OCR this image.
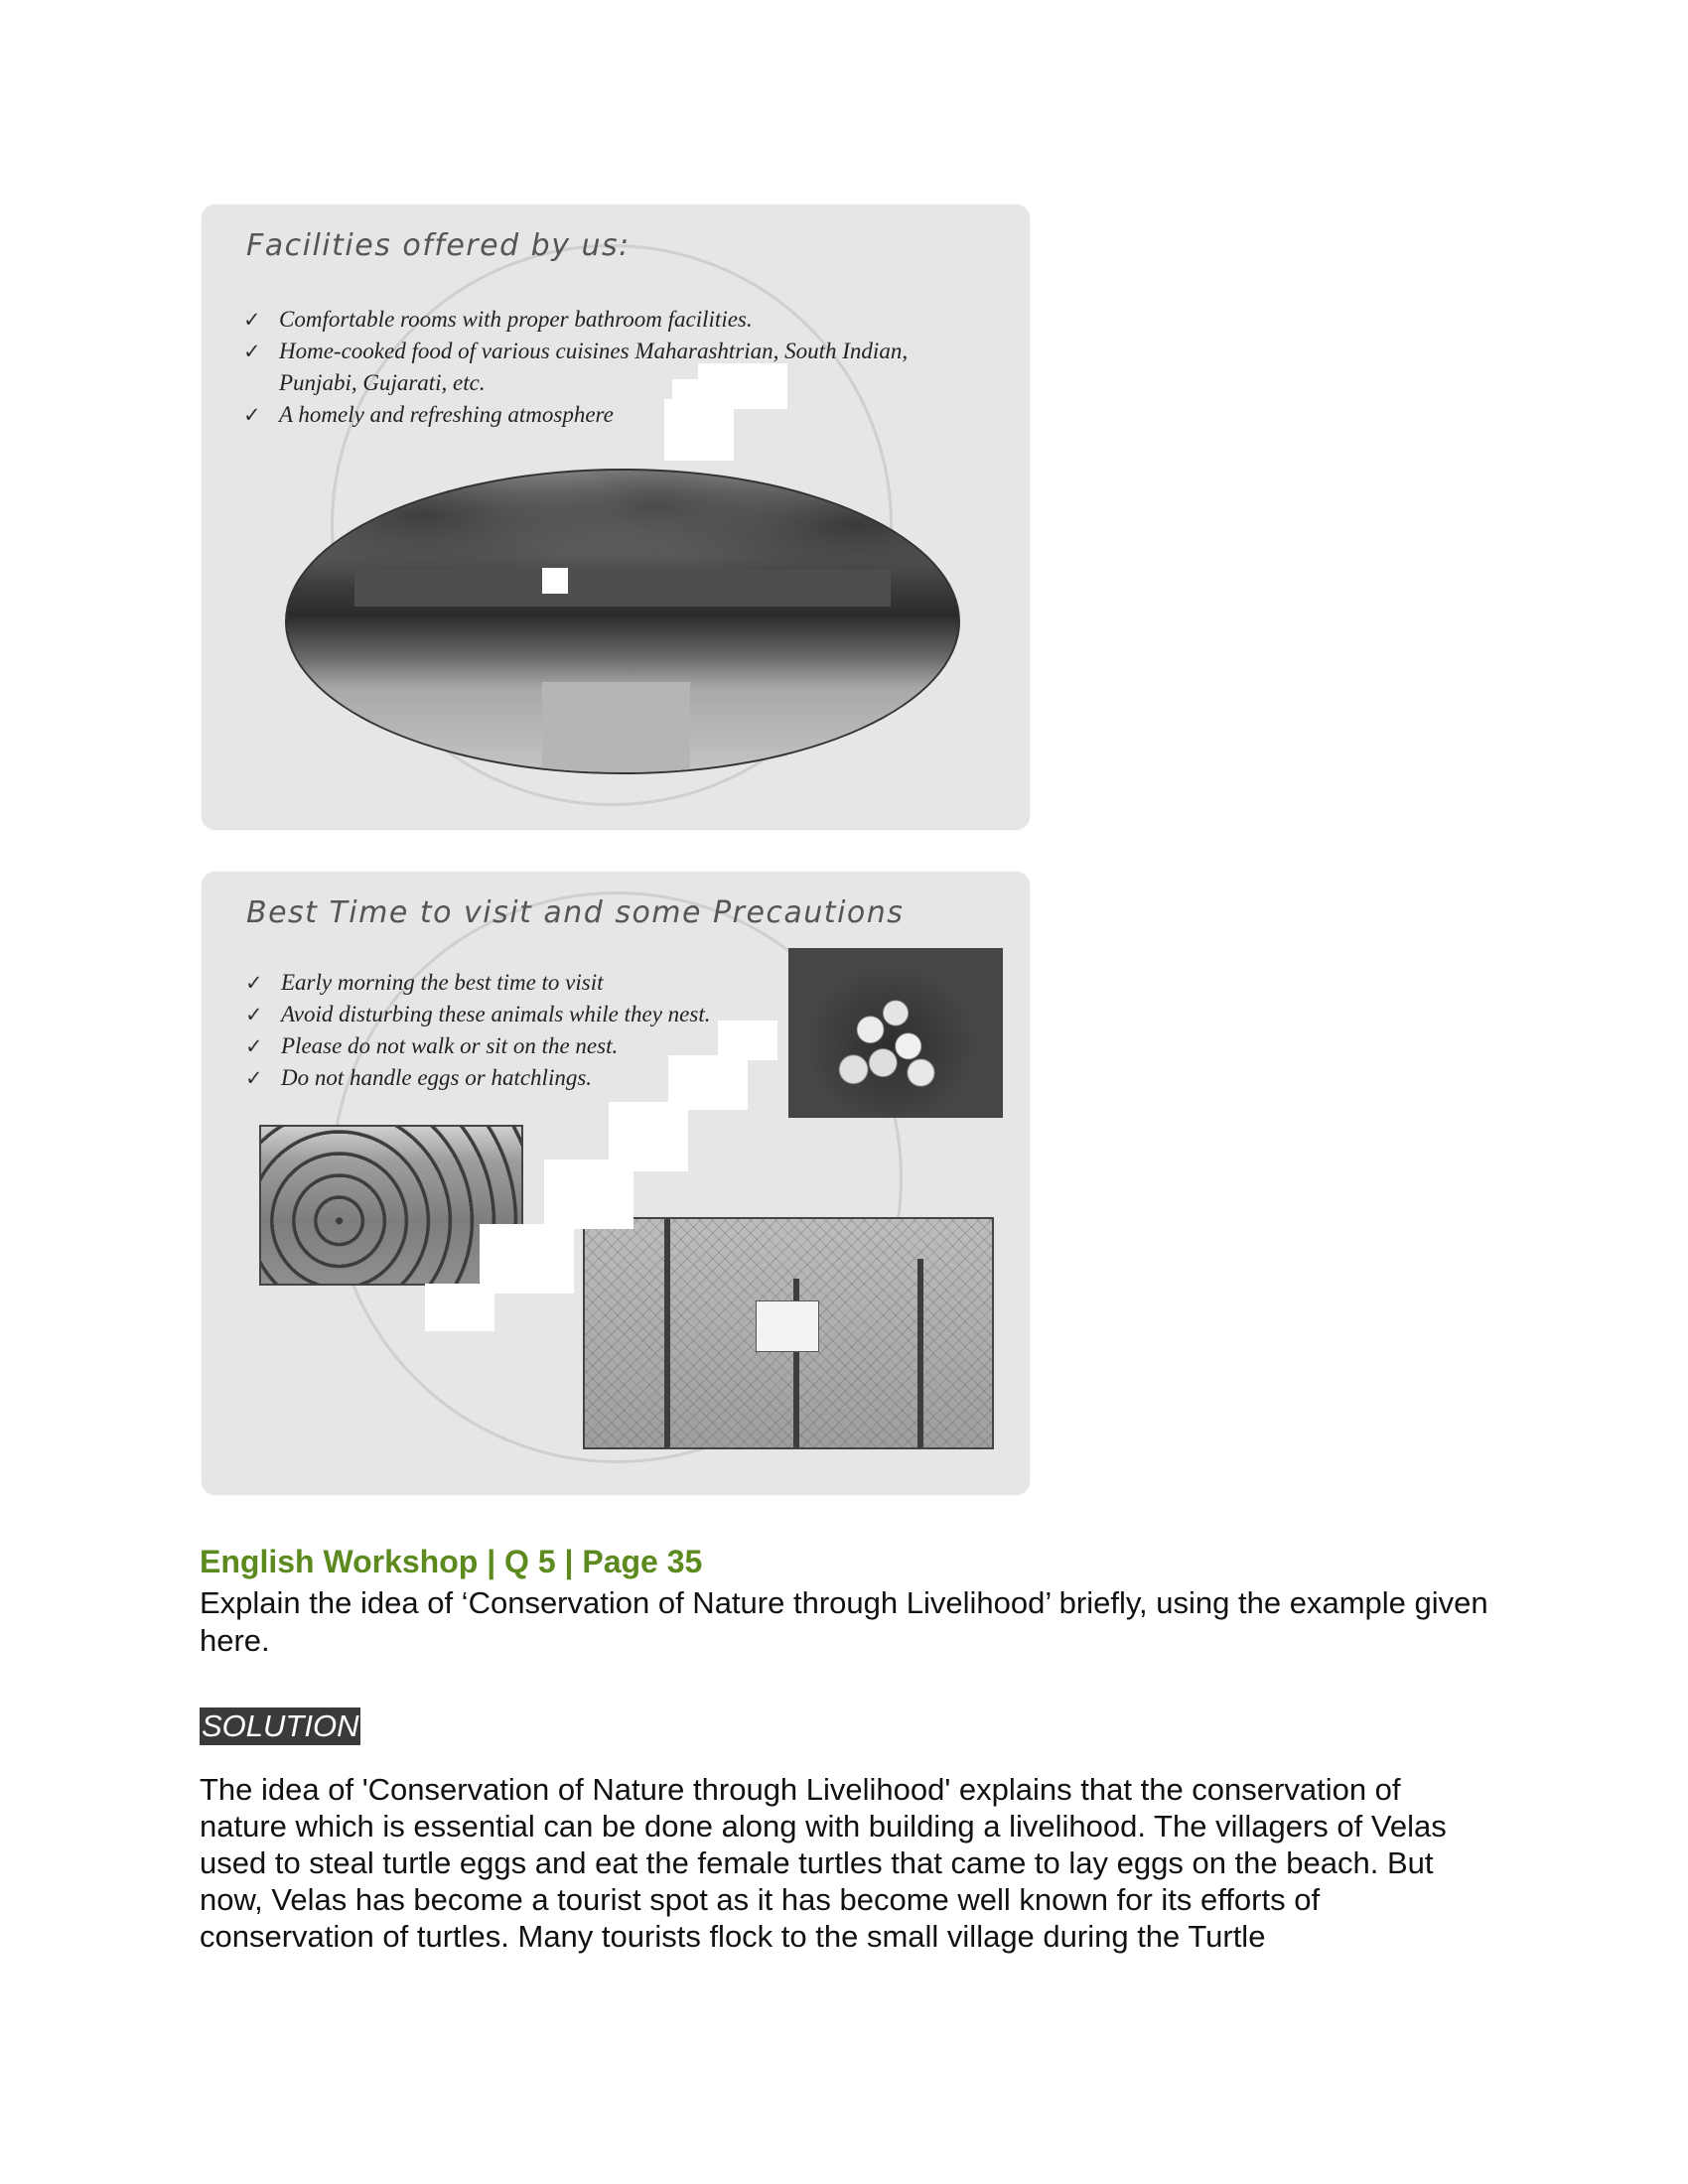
Facilities offered by us:
✓ Comfortable rooms with proper bathroom facilities.
✓ Home-cooked food of various cuisines Maharashtrian, South Indian, Punjabi, Gujarati, etc.
✓ A homely and refreshing atmosphere
Best Time to visit and some Precautions
✓ Early morning the best time to visit
✓ Avoid disturbing these animals while they nest.
✓ Please do not walk or sit on the nest.
✓ Do not handle eggs or hatchlings.
English Workshop | Q 5 | Page 35

Explain the idea of ‘Conservation of Nature through Livelihood’ briefly, using the example given here.

SOLUTION

The idea of 'Conservation of Nature through Livelihood' explains that the conservation of nature which is essential can be done along with building a livelihood. The villagers of Velas used to steal turtle eggs and eat the female turtles that came to lay eggs on the beach. But now, Velas has become a tourist spot as it has become well known for its efforts of conservation of turtles. Many tourists flock to the small village during the Turtle
